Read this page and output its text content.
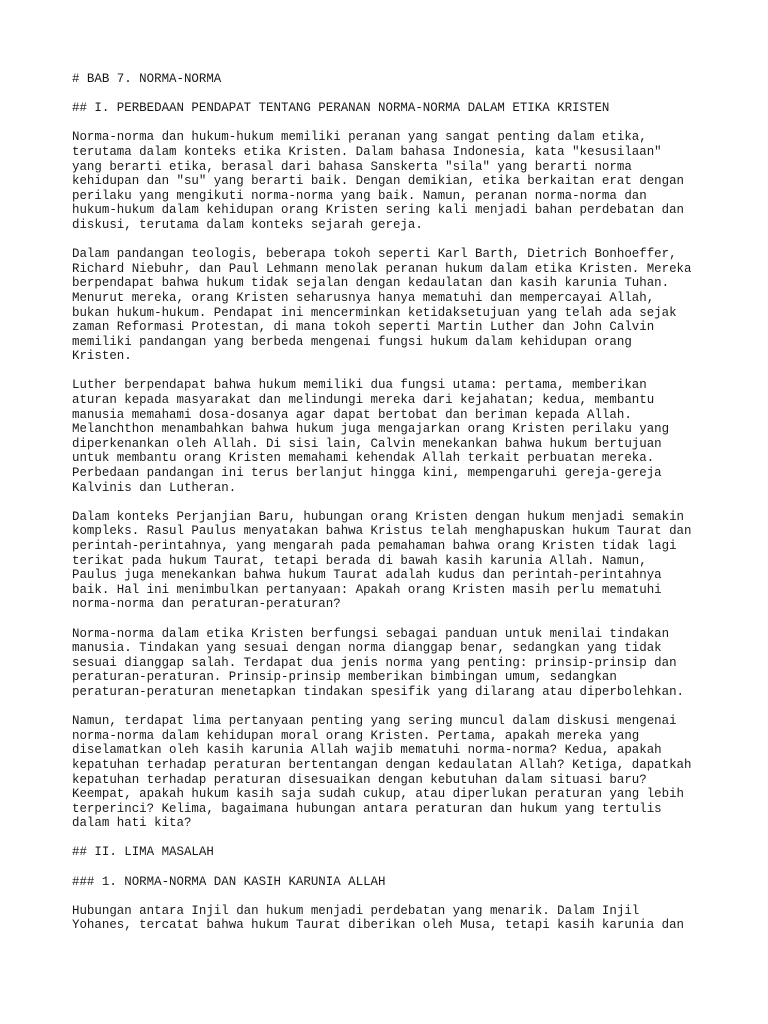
# BAB 7. NORMA-NORMA
## I. PERBEDAAN PENDAPAT TENTANG PERANAN NORMA-NORMA DALAM ETIKA KRISTEN
Norma-norma dan hukum-hukum memiliki peranan yang sangat penting dalam etika,
terutama dalam konteks etika Kristen. Dalam bahasa Indonesia, kata "kesusilaan"
yang berarti etika, berasal dari bahasa Sanskerta "sila" yang berarti norma
kehidupan dan "su" yang berarti baik. Dengan demikian, etika berkaitan erat dengan
perilaku yang mengikuti norma-norma yang baik. Namun, peranan norma-norma dan
hukum-hukum dalam kehidupan orang Kristen sering kali menjadi bahan perdebatan dan
diskusi, terutama dalam konteks sejarah gereja.
Dalam pandangan teologis, beberapa tokoh seperti Karl Barth, Dietrich Bonhoeffer,
Richard Niebuhr, dan Paul Lehmann menolak peranan hukum dalam etika Kristen. Mereka
berpendapat bahwa hukum tidak sejalan dengan kedaulatan dan kasih karunia Tuhan.
Menurut mereka, orang Kristen seharusnya hanya mematuhi dan mempercayai Allah,
bukan hukum-hukum. Pendapat ini mencerminkan ketidaksetujuan yang telah ada sejak
zaman Reformasi Protestan, di mana tokoh seperti Martin Luther dan John Calvin
memiliki pandangan yang berbeda mengenai fungsi hukum dalam kehidupan orang
Kristen.
Luther berpendapat bahwa hukum memiliki dua fungsi utama: pertama, memberikan
aturan kepada masyarakat dan melindungi mereka dari kejahatan; kedua, membantu
manusia memahami dosa-dosanya agar dapat bertobat dan beriman kepada Allah.
Melanchthon menambahkan bahwa hukum juga mengajarkan orang Kristen perilaku yang
diperkenankan oleh Allah. Di sisi lain, Calvin menekankan bahwa hukum bertujuan
untuk membantu orang Kristen memahami kehendak Allah terkait perbuatan mereka.
Perbedaan pandangan ini terus berlanjut hingga kini, mempengaruhi gereja-gereja
Kalvinis dan Lutheran.
Dalam konteks Perjanjian Baru, hubungan orang Kristen dengan hukum menjadi semakin
kompleks. Rasul Paulus menyatakan bahwa Kristus telah menghapuskan hukum Taurat dan
perintah-perintahnya, yang mengarah pada pemahaman bahwa orang Kristen tidak lagi
terikat pada hukum Taurat, tetapi berada di bawah kasih karunia Allah. Namun,
Paulus juga menekankan bahwa hukum Taurat adalah kudus dan perintah-perintahnya
baik. Hal ini menimbulkan pertanyaan: Apakah orang Kristen masih perlu mematuhi
norma-norma dan peraturan-peraturan?
Norma-norma dalam etika Kristen berfungsi sebagai panduan untuk menilai tindakan
manusia. Tindakan yang sesuai dengan norma dianggap benar, sedangkan yang tidak
sesuai dianggap salah. Terdapat dua jenis norma yang penting: prinsip-prinsip dan
peraturan-peraturan. Prinsip-prinsip memberikan bimbingan umum, sedangkan
peraturan-peraturan menetapkan tindakan spesifik yang dilarang atau diperbolehkan.
Namun, terdapat lima pertanyaan penting yang sering muncul dalam diskusi mengenai
norma-norma dalam kehidupan moral orang Kristen. Pertama, apakah mereka yang
diselamatkan oleh kasih karunia Allah wajib mematuhi norma-norma? Kedua, apakah
kepatuhan terhadap peraturan bertentangan dengan kedaulatan Allah? Ketiga, dapatkah
kepatuhan terhadap peraturan disesuaikan dengan kebutuhan dalam situasi baru?
Keempat, apakah hukum kasih saja sudah cukup, atau diperlukan peraturan yang lebih
terperinci? Kelima, bagaimana hubungan antara peraturan dan hukum yang tertulis
dalam hati kita?
## II. LIMA MASALAH
### 1. NORMA-NORMA DAN KASIH KARUNIA ALLAH
Hubungan antara Injil dan hukum menjadi perdebatan yang menarik. Dalam Injil
Yohanes, tercatat bahwa hukum Taurat diberikan oleh Musa, tetapi kasih karunia dan
